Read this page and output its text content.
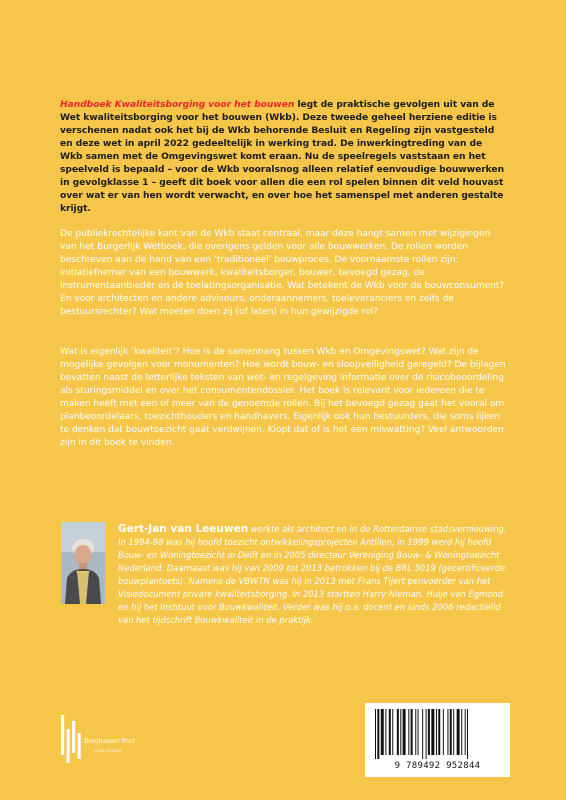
Handboek Kwaliteitsborging voor het bouwen legt de praktische gevolgen uit van de Wet kwaliteitsborging voor het bouwen (Wkb). Deze tweede geheel herziene editie is verschenen nadat ook het bij de Wkb behorende Besluit en Regeling zijn vastgesteld en deze wet in april 2022 gedeeltelijk in werking trad. De inwerkingtreding van de Wkb samen met de Omgevingswet komt eraan. Nu de speelregels vaststaan en het speelveld is bepaald – voor de Wkb vooralsnog alleen relatief eenvoudige bouwwerken in gevolgklasse 1 – geeft dit boek voor allen die een rol spelen binnen dit veld houvast over wat er van hen wordt verwacht, en over hoe het samenspel met anderen gestalte krijgt.

De publiekrechtelijke kant van de Wkb staat centraal, maar deze hangt samen met wijzigingen van het Burgerlijk Wetboek, die overigens gelden voor alle bouwwerken. De rollen worden beschreven aan de hand van een ‘traditioneel’ bouwproces. De voornaamste rollen zijn: initiatiefnemer van een bouwwerk, kwaliteitsborger, bouwer, bevoegd gezag, de instrumentaanbieder en de toelatingsorganisatie. Wat betekent de Wkb voor de bouwconsument? En voor architecten en andere adviseurs, onderaannemers, toeleveranciers en zelfs de bestuursrechter? Wat moeten doen zij (of laten) in hun gewijzigde rol?

Wat is eigenlijk ‘kwaliteit’? Hoe is de samenhang tussen Wkb en Omgevingswet? Wat zijn de mogelijke gevolgen voor monumenten? Hoe wordt bouw- en sloopveiligheid geregeld? De bijlagen bevatten naast de letterlijke teksten van wet- en regelgeving informatie over de risicobeoordeling als sturingsmiddel en over het consumentendossier. Het boek is relevant voor iedereen die te maken heeft met een of meer van de genoemde rollen. Bij het bevoegd gezag gaat het vooral om planbeoordelaars, toezichthouders en handhavers. Eigenlijk ook hun bestuurders, die soms lijken te denken dat bouwtoezicht gaat verdwijnen. Klopt dat of is het een miswatting? Veel antwoorden zijn in dit boek te vinden.

Gert-Jan van Leeuwen werkte als architect en in de Rotterdamse stadsvernieuwing. In 1994-98 was hij hoofd toezicht ontwikkelingsprojecten Antillen, in 1999 werd hij hoofd Bouw- en Woningtoezicht in Delft en in 2005 directeur Vereniging Bouw- & Woningtoezicht Nederland. Daarnaast was hij van 2009 tot 2013 betrokken bij de BRL 5019 (gecertificeerde bouwplantoets). Namens de VBWTN was hij in 2013 met Frans Tijert penvoerder van het Visiedocument private kwaliteitsborging. In 2013 startten Harry Nieman, Huije van Egmond en hij het Instituut voor Bouwkwaliteit. Verder was hij o.a. docent en sinds 2006 redactielid van het tijdschrift Bouwkwaliteit in de praktijk.

Berghauser Pont
PUBLISHING
9 789492 952844
